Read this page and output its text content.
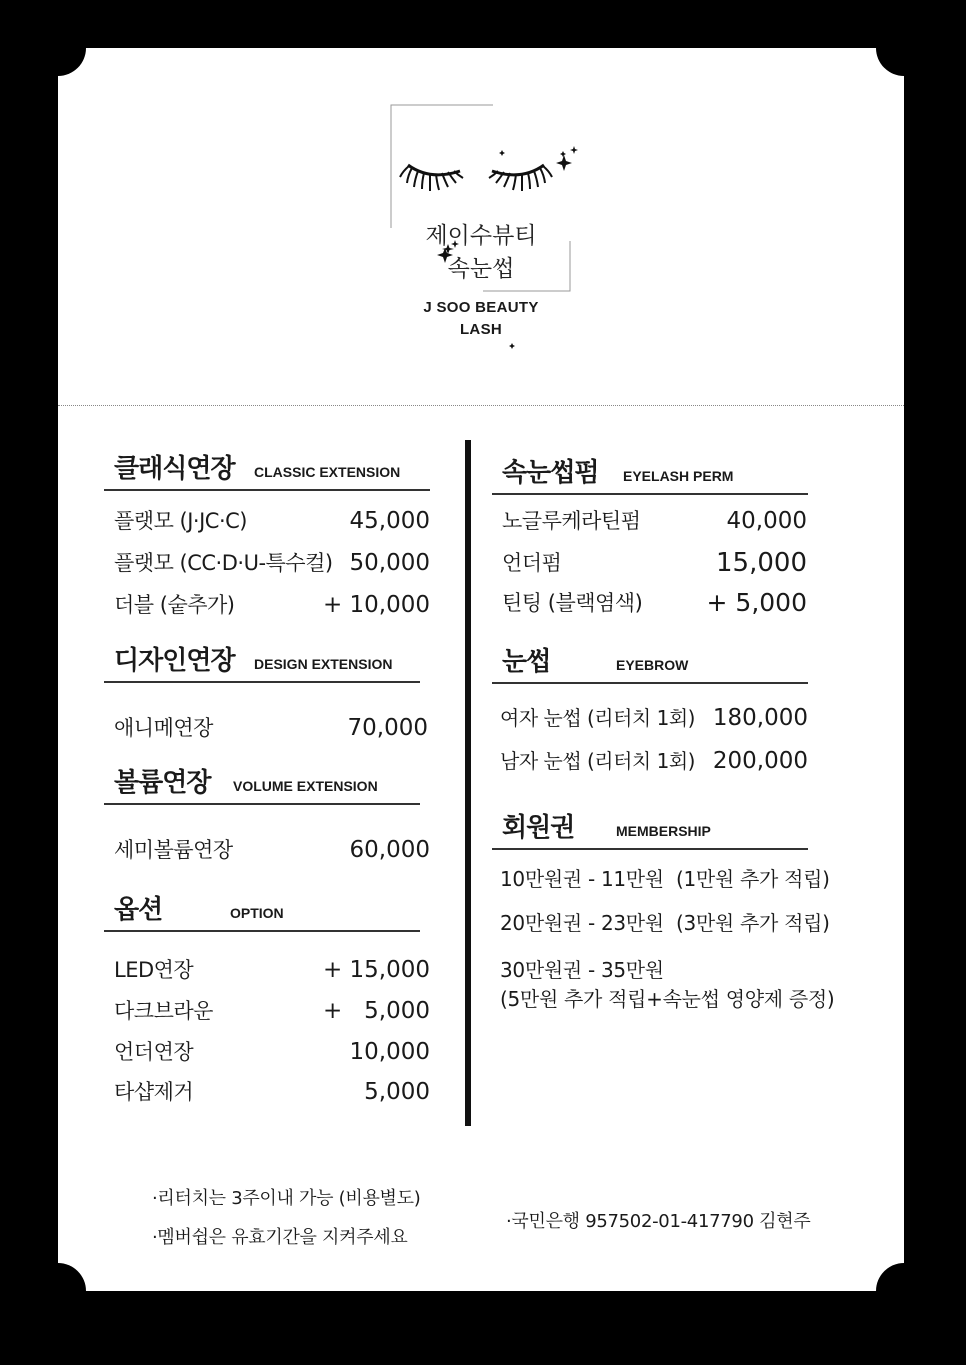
제이수뷰티
속눈썹
J SOO BEAUTY
LASH
클래식연장 CLASSIC EXTENSION
플랫모 (J·JC·C)	45,000
플랫모 (CC·D·U-특수컬) 50,000
더블 (숱추가)	+ 10,000
디자인연장 DESIGN EXTENSION
애니메연장	70,000
볼륨연장 VOLUME EXTENSION
세미볼륨연장	60,000
옵션	OPTION
LED연장	+ 15,000
다크브라운	+   5,000
언더연장	10,000
타샵제거	5,000
속눈썹펌 EYELASH PERM
노글루케라틴펌	40,000
언더펌	15,000
틴팅 (블랙염색)	+ 5,000
눈썹	EYEBROW
여자 눈썹 (리터치 1회) 180,000
남자 눈썹 (리터치 1회) 200,000
회원권	MEMBERSHIP
10만원권 - 11만원  (1만원 추가 적립)
20만원권 - 23만원  (3만원 추가 적립)
30만원권 - 35만원
(5만원 추가 적립+속눈썹 영양제 증정)
·리터치는 3주이내 가능 (비용별도)
·멤버쉽은 유효기간을 지켜주세요
·국민은행 957502-01-417790 김현주
